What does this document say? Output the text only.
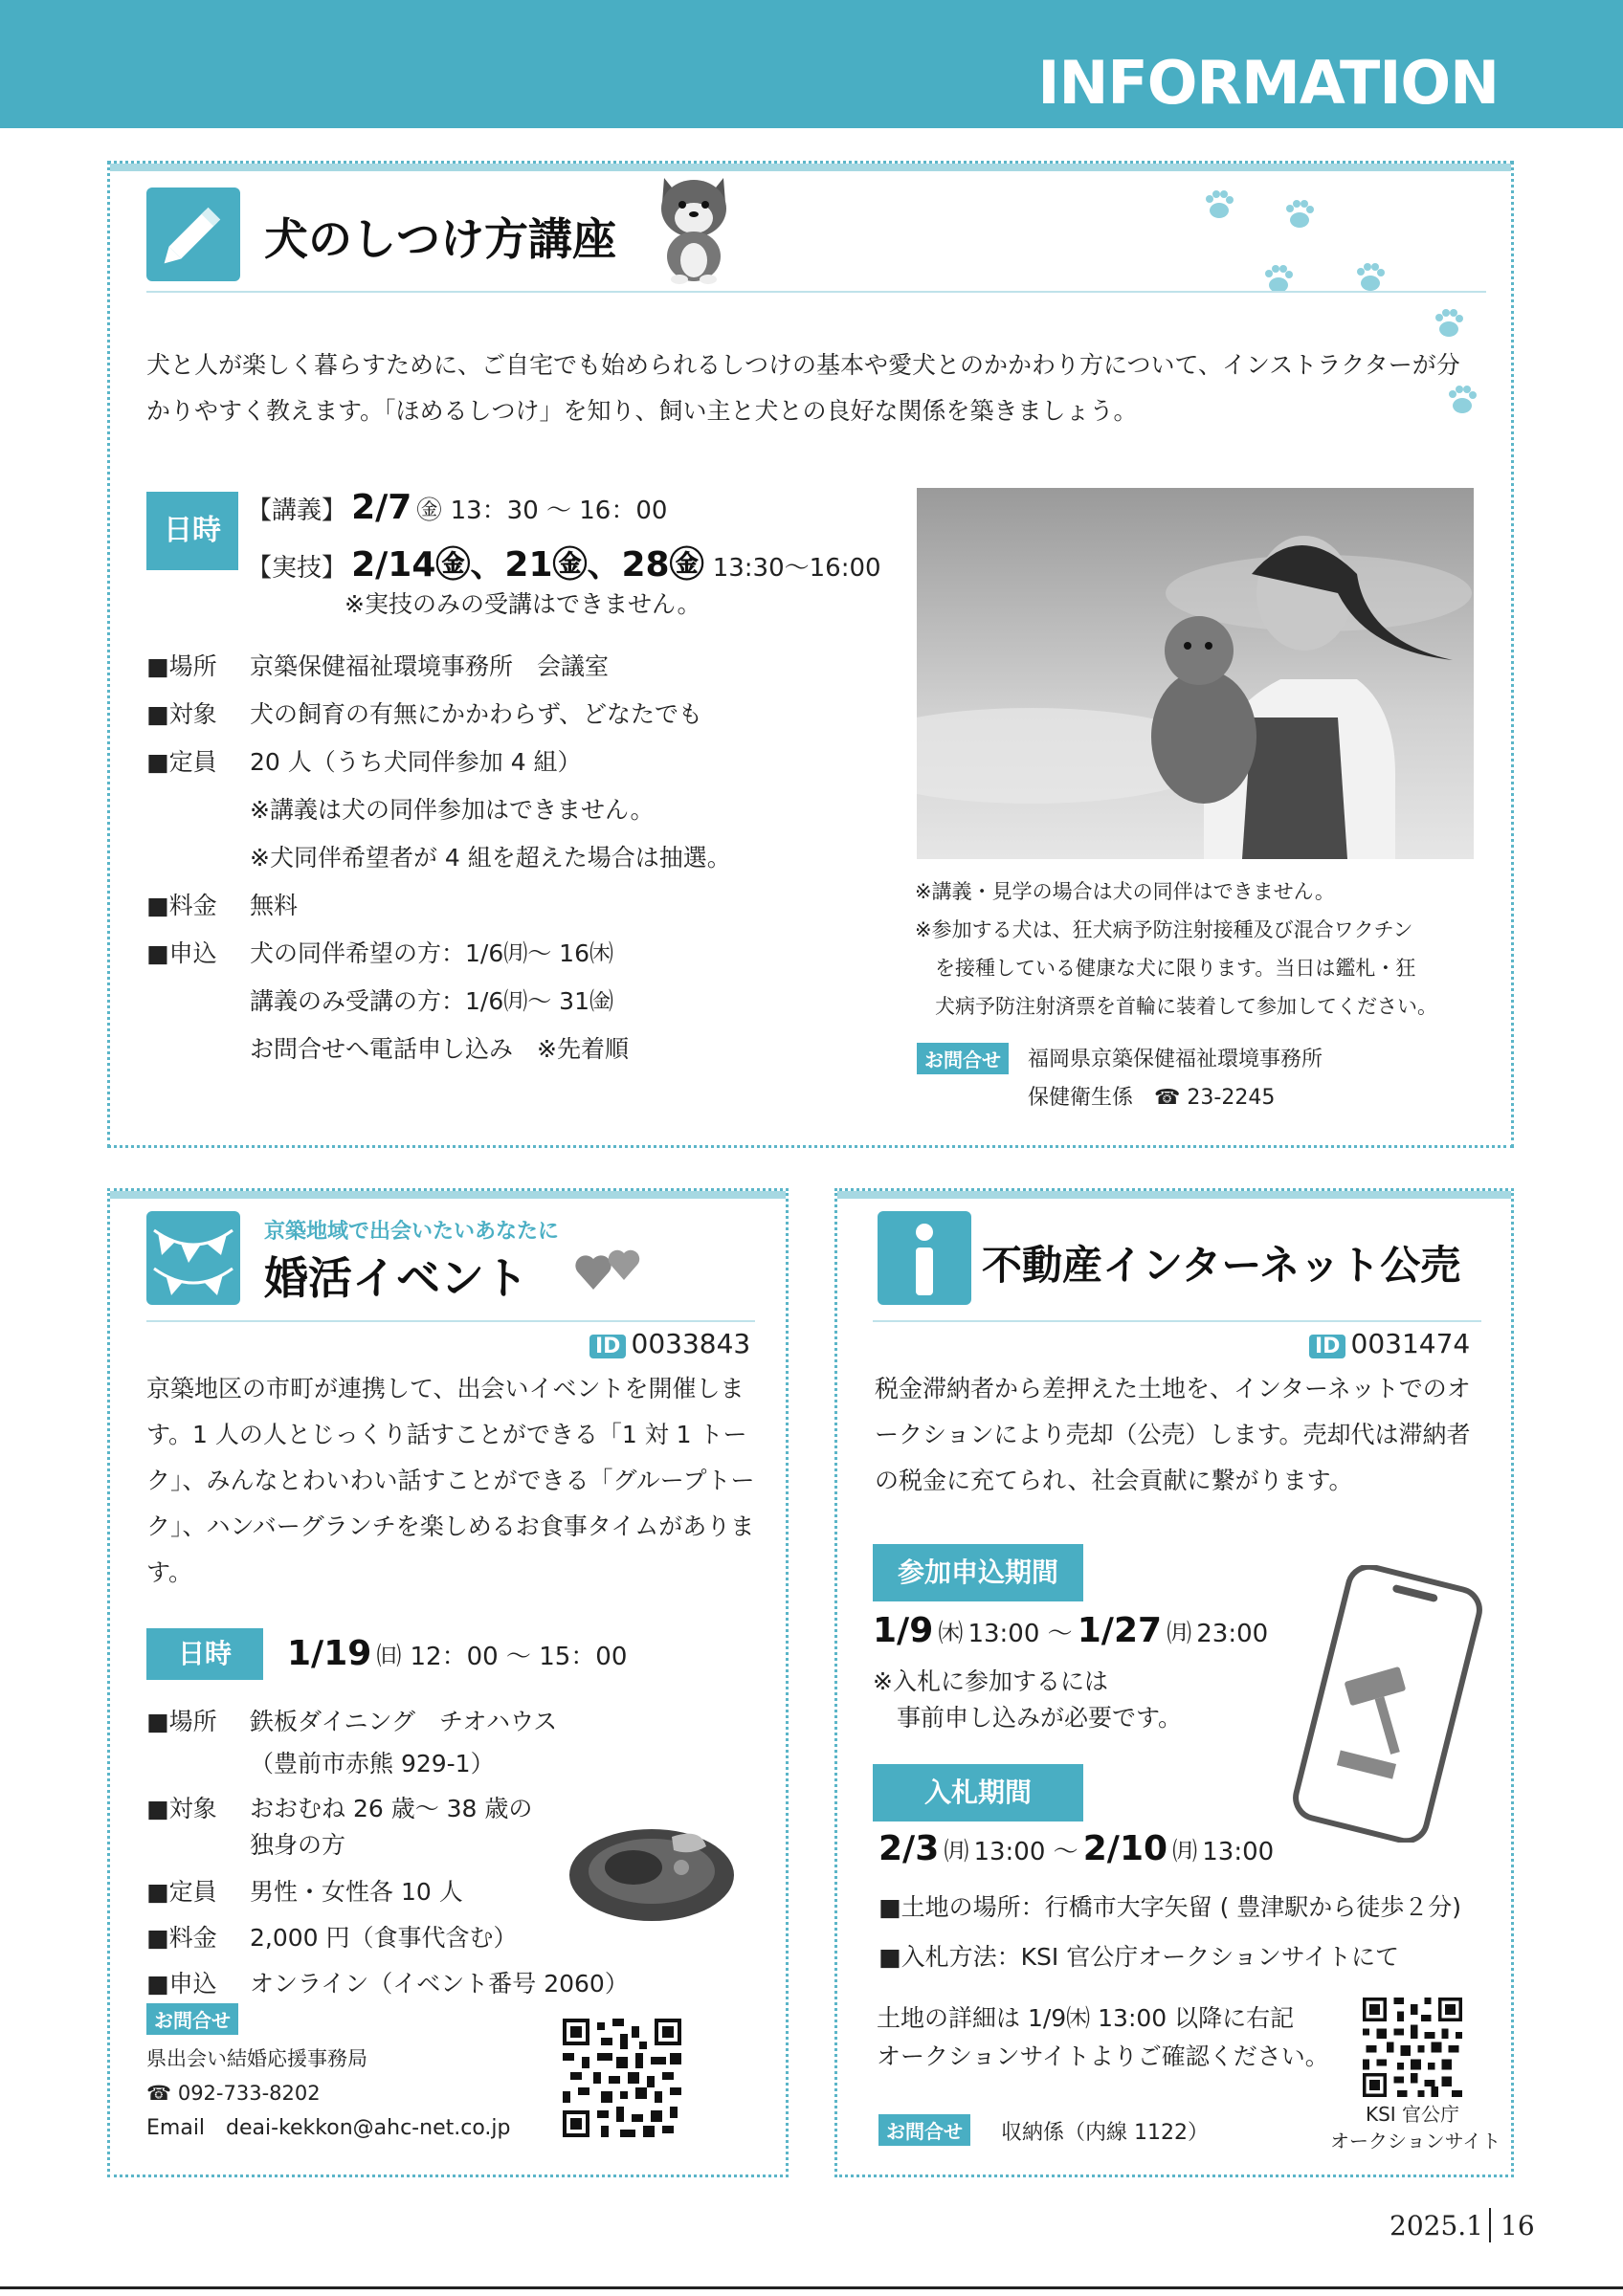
INFORMATION
犬のしつけ方講座
犬と人が楽しく暮らすために、ご自宅でも始められるしつけの基本や愛犬とのかかわり方について、インストラクターが分かりやすく教えます。「ほめるしつけ」を知り、飼い主と犬との良好な関係を築きましょう。
日時
【講義】 2/7 ㊎ 13：30 ～ 16：00
【実技】 2/14㊎、21㊎、28㊎ 13:30～16:00
※実技のみの受講はできません。
■場所	京築保健福祉環境事務所　会議室
■対象	犬の飼育の有無にかかわらず、どなたでも
■定員	20 人（うち犬同伴参加 4 組）
※講義は犬の同伴参加はできません。
※犬同伴希望者が 4 組を超えた場合は抽選。
■料金	無料
■申込	犬の同伴希望の方：1/6㈪～ 16㈭
講義のみ受講の方：1/6㈪～ 31㈮
お問合せへ電話申し込み　※先着順
※講義・見学の場合は犬の同伴はできません。
※参加する犬は、狂犬病予防注射接種及び混合ワクチン
　を接種している健康な犬に限ります。当日は鑑札・狂
　犬病予防注射済票を首輪に装着して参加してください。
お問合せ	福岡県京築保健福祉環境事務所
保健衛生係　☎ 23-2245
京築地域で出会いたいあなたに
婚活イベント
ID 0033843
京築地区の市町が連携して、出会いイベントを開催します。1 人の人とじっくり話すことができる「1 対 1 トーク」、みんなとわいわい話すことができる「グループトーク」、ハンバーグランチを楽しめるお食事タイムがあります。
日時	1/19 ㈰ 12：00 ～ 15：00
■場所	鉄板ダイニング　チオハウス
（豊前市赤熊 929-1）
■対象	おおむね 26 歳～ 38 歳の
独身の方
■定員	男性・女性各 10 人
■料金	2,000 円（食事代含む）
■申込	オンライン（イベント番号 2060）
お問合せ
県出会い結婚応援事務局
☎ 092-733-8202
Email　deai-kekkon@ahc-net.co.jp
不動産インターネット公売
ID 0031474
税金滞納者から差押えた土地を、インターネットでのオークションにより売却（公売）します。売却代は滞納者の税金に充てられ、社会貢献に繋がります。
参加申込期間
1/9 ㈭ 13:00 ～ 1/27 ㈪ 23:00
※入札に参加するには
　事前申し込みが必要です。
入札期間
2/3 ㈪ 13:00 ～ 2/10 ㈪ 13:00
■土地の場所：行橋市大字矢留 ( 豊津駅から徒歩２分)
■入札方法：KSI 官公庁オークションサイトにて
土地の詳細は 1/9㈭ 13:00 以降に右記
オークションサイトよりご確認ください。
KSI 官公庁
オークションサイト
お問合せ	収納係（内線 1122）
2025.1 16
